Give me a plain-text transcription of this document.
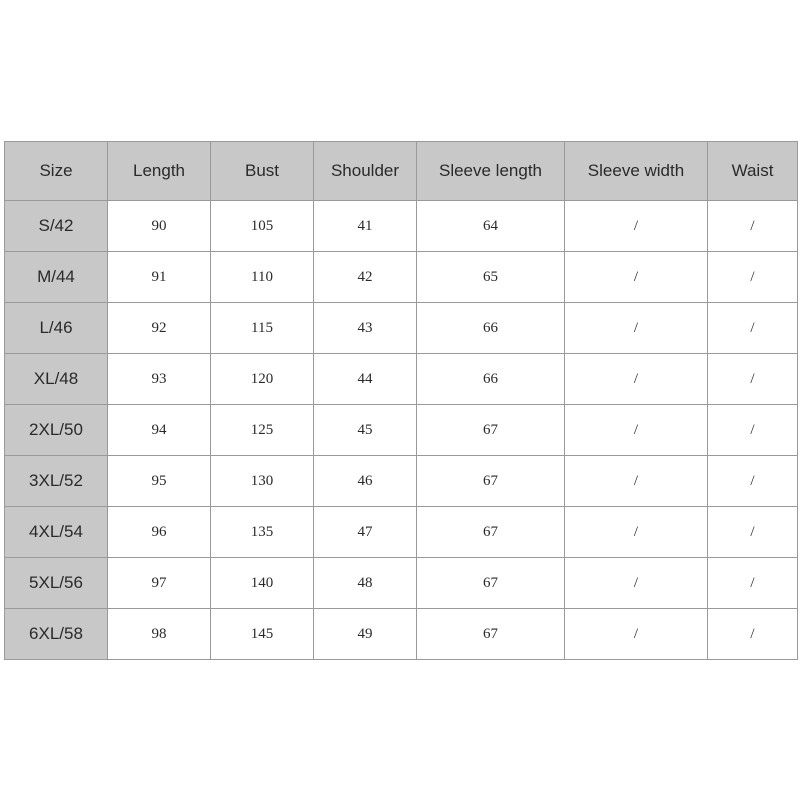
Size	Length	Bust	Shoulder	Sleeve length	Sleeve width	Waist
S/42	90	105	41	64	/	/
M/44	91	110	42	65	/	/
L/46	92	115	43	66	/	/
XL/48	93	120	44	66	/	/
2XL/50	94	125	45	67	/	/
3XL/52	95	130	46	67	/	/
4XL/54	96	135	47	67	/	/
5XL/56	97	140	48	67	/	/
6XL/58	98	145	49	67	/	/
